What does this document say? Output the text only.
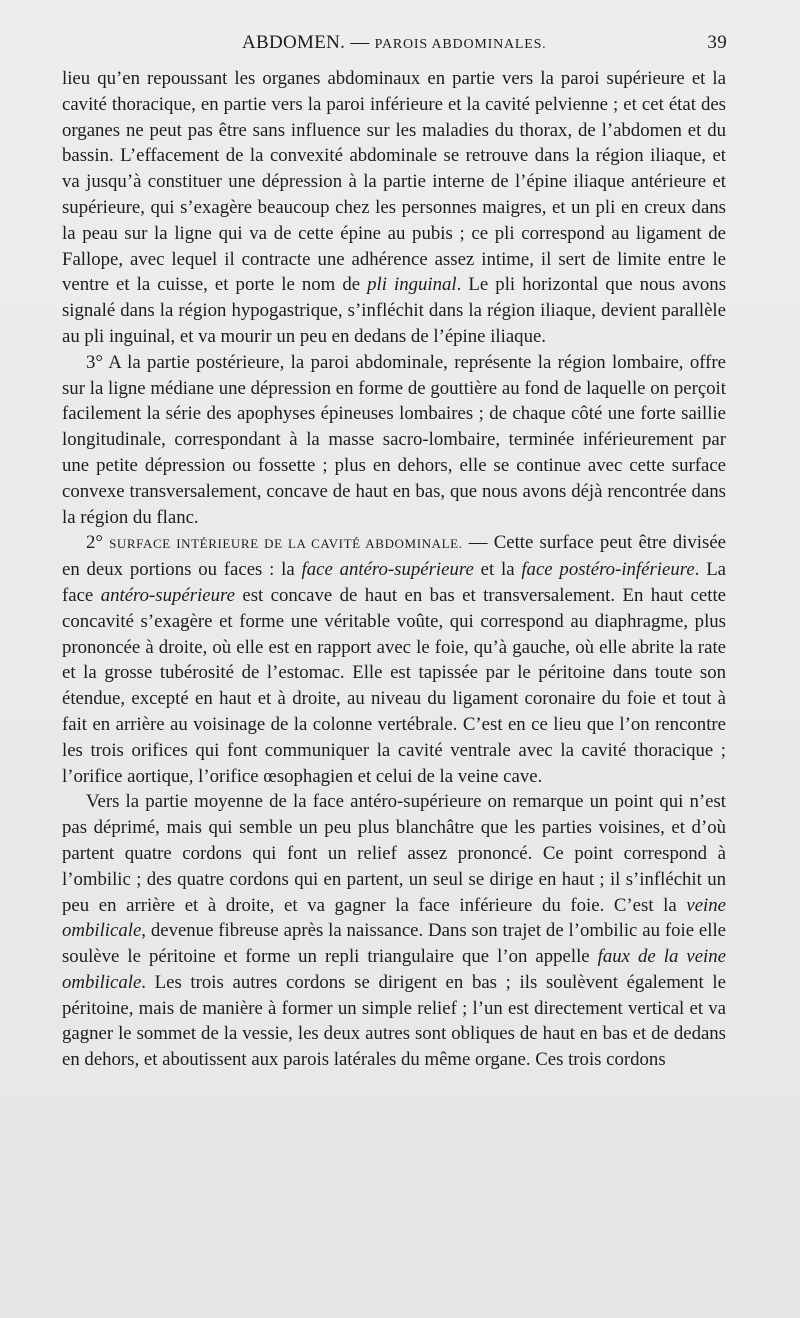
ABDOMEN. — PAROIS ABDOMINALES.	39

lieu qu’en repoussant les organes abdominaux en partie vers la paroi supérieure et la cavité thoracique, en partie vers la paroi inférieure et la cavité pelvienne ; et cet état des organes ne peut pas être sans influence sur les maladies du thorax, de l’abdomen et du bassin. L’effacement de la convexité abdominale se retrouve dans la région iliaque, et va jusqu’à constituer une dépression à la partie interne de l’épine iliaque antérieure et supérieure, qui s’exagère beaucoup chez les personnes maigres, et un pli en creux dans la peau sur la ligne qui va de cette épine au pubis ; ce pli correspond au ligament de Fallope, avec lequel il contracte une adhérence assez intime, il sert de limite entre le ventre et la cuisse, et porte le nom de pli inguinal. Le pli horizontal que nous avons signalé dans la région hypogastrique, s’infléchit dans la région iliaque, devient parallèle au pli inguinal, et va mourir un peu en dedans de l’épine iliaque.

3° A la partie postérieure, la paroi abdominale, représente la région lombaire, offre sur la ligne médiane une dépression en forme de gouttière au fond de laquelle on perçoit facilement la série des apophyses épineuses lombaires ; de chaque côté une forte saillie longitudinale, correspondant à la masse sacro-lombaire, terminée inférieurement par une petite dépression ou fossette ; plus en dehors, elle se continue avec cette surface convexe transversalement, concave de haut en bas, que nous avons déjà rencontrée dans la région du flanc.

2° SURFACE INTÉRIEURE DE LA CAVITÉ ABDOMINALE. — Cette surface peut être divisée en deux portions ou faces : la face antéro-supérieure et la face postéro-inférieure. La face antéro-supérieure est concave de haut en bas et transversalement. En haut cette concavité s’exagère et forme une véritable voûte, qui correspond au diaphragme, plus prononcée à droite, où elle est en rapport avec le foie, qu’à gauche, où elle abrite la rate et la grosse tubérosité de l’estomac. Elle est tapissée par le péritoine dans toute son étendue, excepté en haut et à droite, au niveau du ligament coronaire du foie et tout à fait en arrière au voisinage de la colonne vertébrale. C’est en ce lieu que l’on rencontre les trois orifices qui font communiquer la cavité ventrale avec la cavité thoracique ; l’orifice aortique, l’orifice œsophagien et celui de la veine cave.

Vers la partie moyenne de la face antéro-supérieure on remarque un point qui n’est pas déprimé, mais qui semble un peu plus blanchâtre que les parties voisines, et d’où partent quatre cordons qui font un relief assez prononcé. Ce point correspond à l’ombilic ; des quatre cordons qui en partent, un seul se dirige en haut ; il s’infléchit un peu en arrière et à droite, et va gagner la face inférieure du foie. C’est la veine ombilicale, devenue fibreuse après la naissance. Dans son trajet de l’ombilic au foie elle soulève le péritoine et forme un repli triangulaire que l’on appelle faux de la veine ombilicale. Les trois autres cordons se dirigent en bas ; ils soulèvent également le péritoine, mais de manière à former un simple relief ; l’un est directement vertical et va gagner le sommet de la vessie, les deux autres sont obliques de haut en bas et de dedans en dehors, et aboutissent aux parois latérales du même organe. Ces trois cordons
